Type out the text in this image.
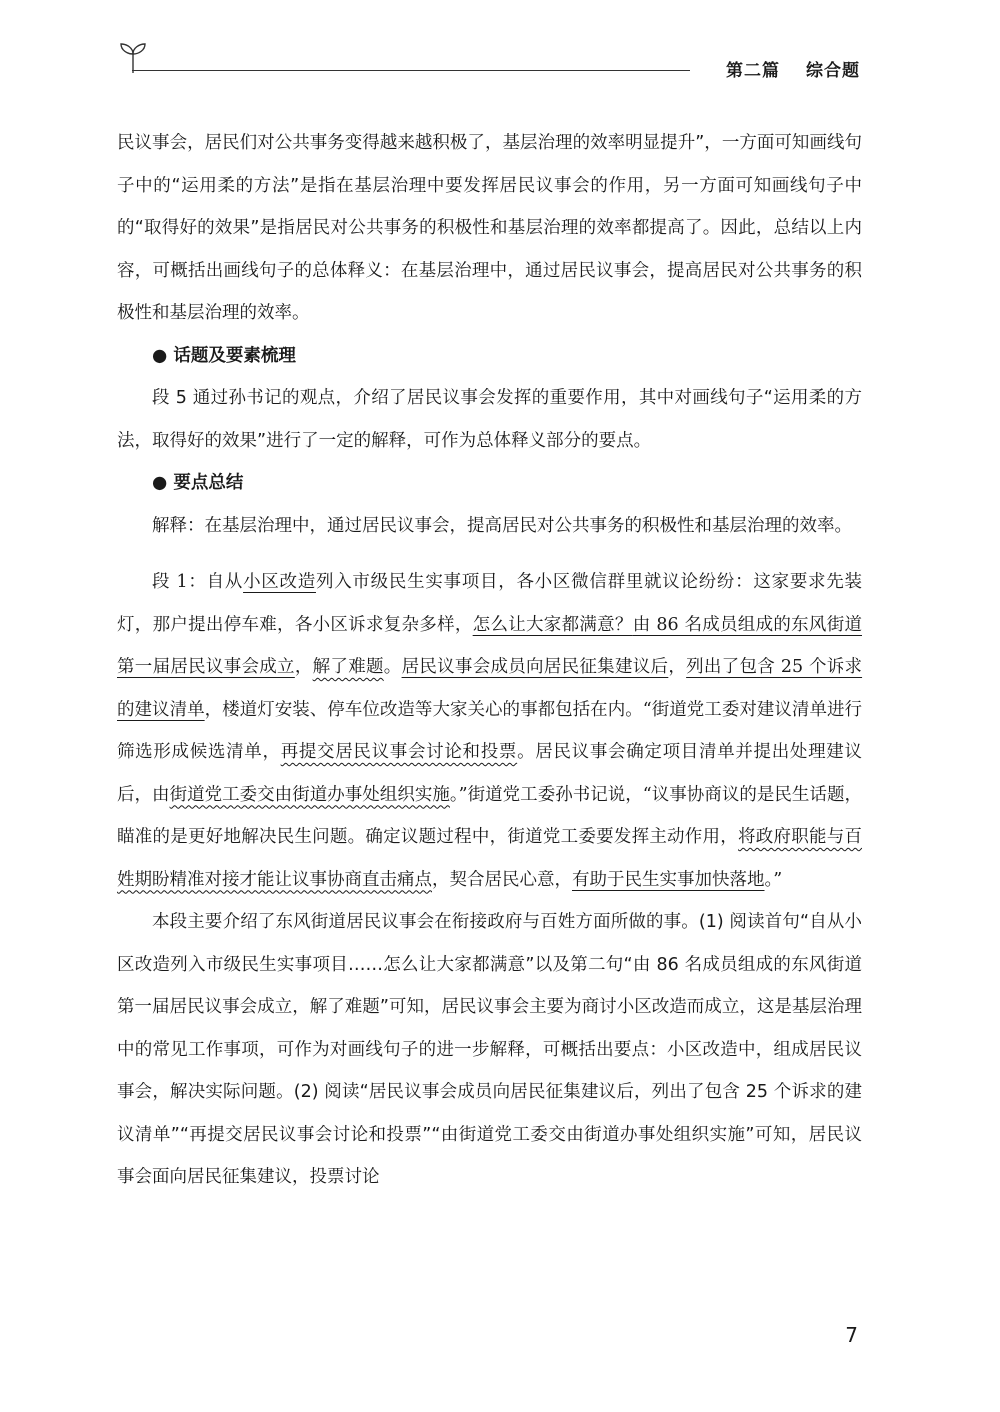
第二篇 综合题

民议事会，居民们对公共事务变得越来越积极了，基层治理的效率明显提升”，一方面可知画线句子中的“运用柔的方法”是指在基层治理中要发挥居民议事会的作用，另一方面可知画线句子中的“取得好的效果”是指居民对公共事务的积极性和基层治理的效率都提高了。因此，总结以上内容，可概括出画线句子的总体释义：在基层治理中，通过居民议事会，提高居民对公共事务的积极性和基层治理的效率。

● 话题及要素梳理

段 5 通过孙书记的观点，介绍了居民议事会发挥的重要作用，其中对画线句子“运用柔的方法，取得好的效果”进行了一定的解释，可作为总体释义部分的要点。

● 要点总结

解释：在基层治理中，通过居民议事会，提高居民对公共事务的积极性和基层治理的效率。

段 1：自从小区改造列入市级民生实事项目，各小区微信群里就议论纷纷：这家要求先装灯，那户提出停车难，各小区诉求复杂多样，怎么让大家都满意？由 86 名成员组成的东风街道第一届居民议事会成立，解了难题。居民议事会成员向居民征集建议后，列出了包含 25 个诉求的建议清单，楼道灯安装、停车位改造等大家关心的事都包括在内。“街道党工委对建议清单进行筛选形成候选清单，再提交居民议事会讨论和投票。居民议事会确定项目清单并提出处理建议后，由街道党工委交由街道办事处组织实施。”街道党工委孙书记说，“议事协商议的是民生话题，瞄准的是更好地解决民生问题。确定议题过程中，街道党工委要发挥主动作用，将政府职能与百姓期盼精准对接才能让议事协商直击痛点，契合居民心意，有助于民生实事加快落地。”

本段主要介绍了东风街道居民议事会在衔接政府与百姓方面所做的事。(1) 阅读首句“自从小区改造列入市级民生实事项目……怎么让大家都满意”以及第二句“由 86 名成员组成的东风街道第一届居民议事会成立，解了难题”可知，居民议事会主要为商讨小区改造而成立，这是基层治理中的常见工作事项，可作为对画线句子的进一步解释，可概括出要点：小区改造中，组成居民议事会，解决实际问题。(2) 阅读“居民议事会成员向居民征集建议后，列出了包含 25 个诉求的建议清单”“再提交居民议事会讨论和投票”“由街道党工委交由街道办事处组织实施”可知，居民议事会面向居民征集建议，投票讨论

7
